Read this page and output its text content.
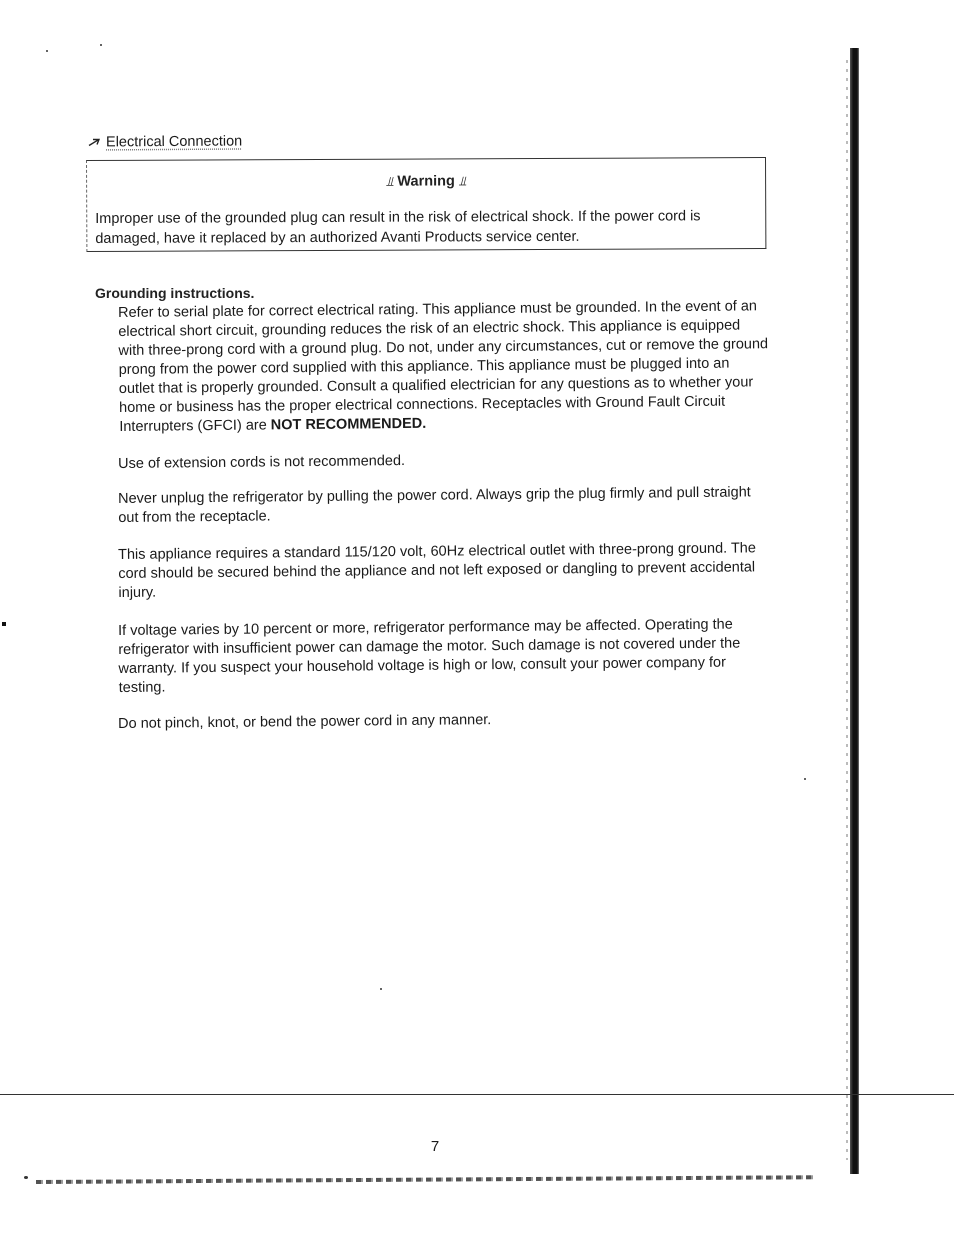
Electrical Connection
⫫ Warning ⫫
Improper use of the grounded plug can result in the risk of electrical shock. If the power cord is damaged, have it replaced by an authorized Avanti Products service center.
Grounding instructions.
Refer to serial plate for correct electrical rating. This appliance must be grounded. In the event of an electrical short circuit, grounding reduces the risk of an electric shock. This appliance is equipped with three-prong cord with a ground plug. Do not, under any circumstances, cut or remove the ground prong from the power cord supplied with this appliance. This appliance must be plugged into an outlet that is properly grounded. Consult a qualified electrician for any questions as to whether your home or business has the proper electrical connections. Receptacles with Ground Fault Circuit Interrupters (GFCI) are NOT RECOMMENDED.
Use of extension cords is not recommended.
Never unplug the refrigerator by pulling the power cord. Always grip the plug firmly and pull straight out from the receptacle.
This appliance requires a standard 115/120 volt, 60Hz electrical outlet with three-prong ground. The cord should be secured behind the appliance and not left exposed or dangling to prevent accidental injury.
If voltage varies by 10 percent or more, refrigerator performance may be affected. Operating the refrigerator with insufficient power can damage the motor. Such damage is not covered under the warranty. If you suspect your household voltage is high or low, consult your power company for testing.
Do not pinch, knot, or bend the power cord in any manner.
7
